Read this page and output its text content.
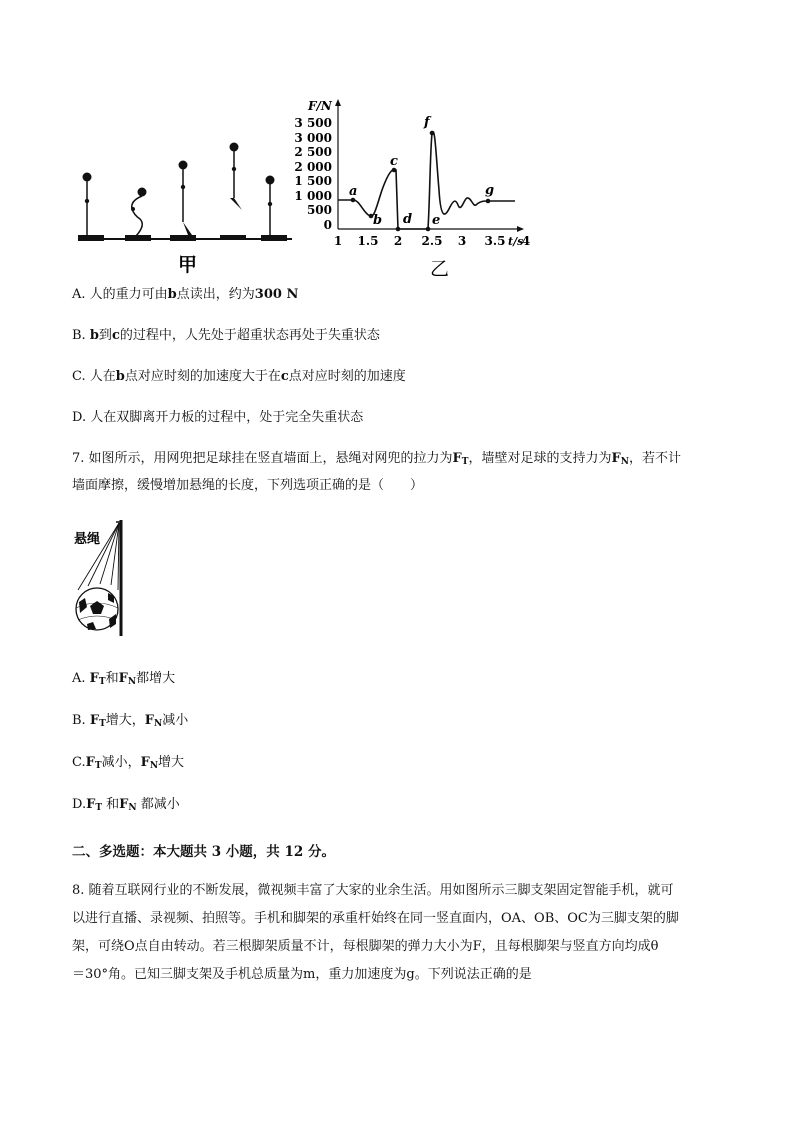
甲
F/N
t/s
3 500
3 000
2 500
2 000
1 500
1 000
500
0
1 1.5 2 2.5 3 3.5 4
a
b
c
d e
f
g
乙
A. 人的重力可由b点读出，约为300 N
B. b到c的过程中，人先处于超重状态再处于失重状态
C. 人在b点对应时刻的加速度大于在c点对应时刻的加速度
D. 人在双脚离开力板的过程中，处于完全失重状态
7. 如图所示，用网兜把足球挂在竖直墙面上，悬绳对网兜的拉力为$F_T$，墙壁对足球的支持力为$F_N$，若不计
墙面摩擦，缓慢增加悬绳的长度，下列选项正确的是（　　）
悬绳
A. $F_T$和$F_N$都增大
B. $F_T$增大，$F_N$减小
$C.F_T$减小，$F_N$增大
$D.F_T$ 和$F_N$ 都减小
二、多选题：本大题共 3 小题，共 12 分。
8. 随着互联网行业的不断发展，微视频丰富了大家的业余生活。用如图所示三脚支架固定智能手机，就可
以进行直播、录视频、拍照等。手机和脚架的承重杆始终在同一竖直面内，OA、OB、OC为三脚支架的脚
架，可绕O点自由转动。若三根脚架质量不计，每根脚架的弹力大小为F，且每根脚架与竖直方向均成θ
＝30°角。已知三脚支架及手机总质量为m，重力加速度为g。下列说法正确的是
